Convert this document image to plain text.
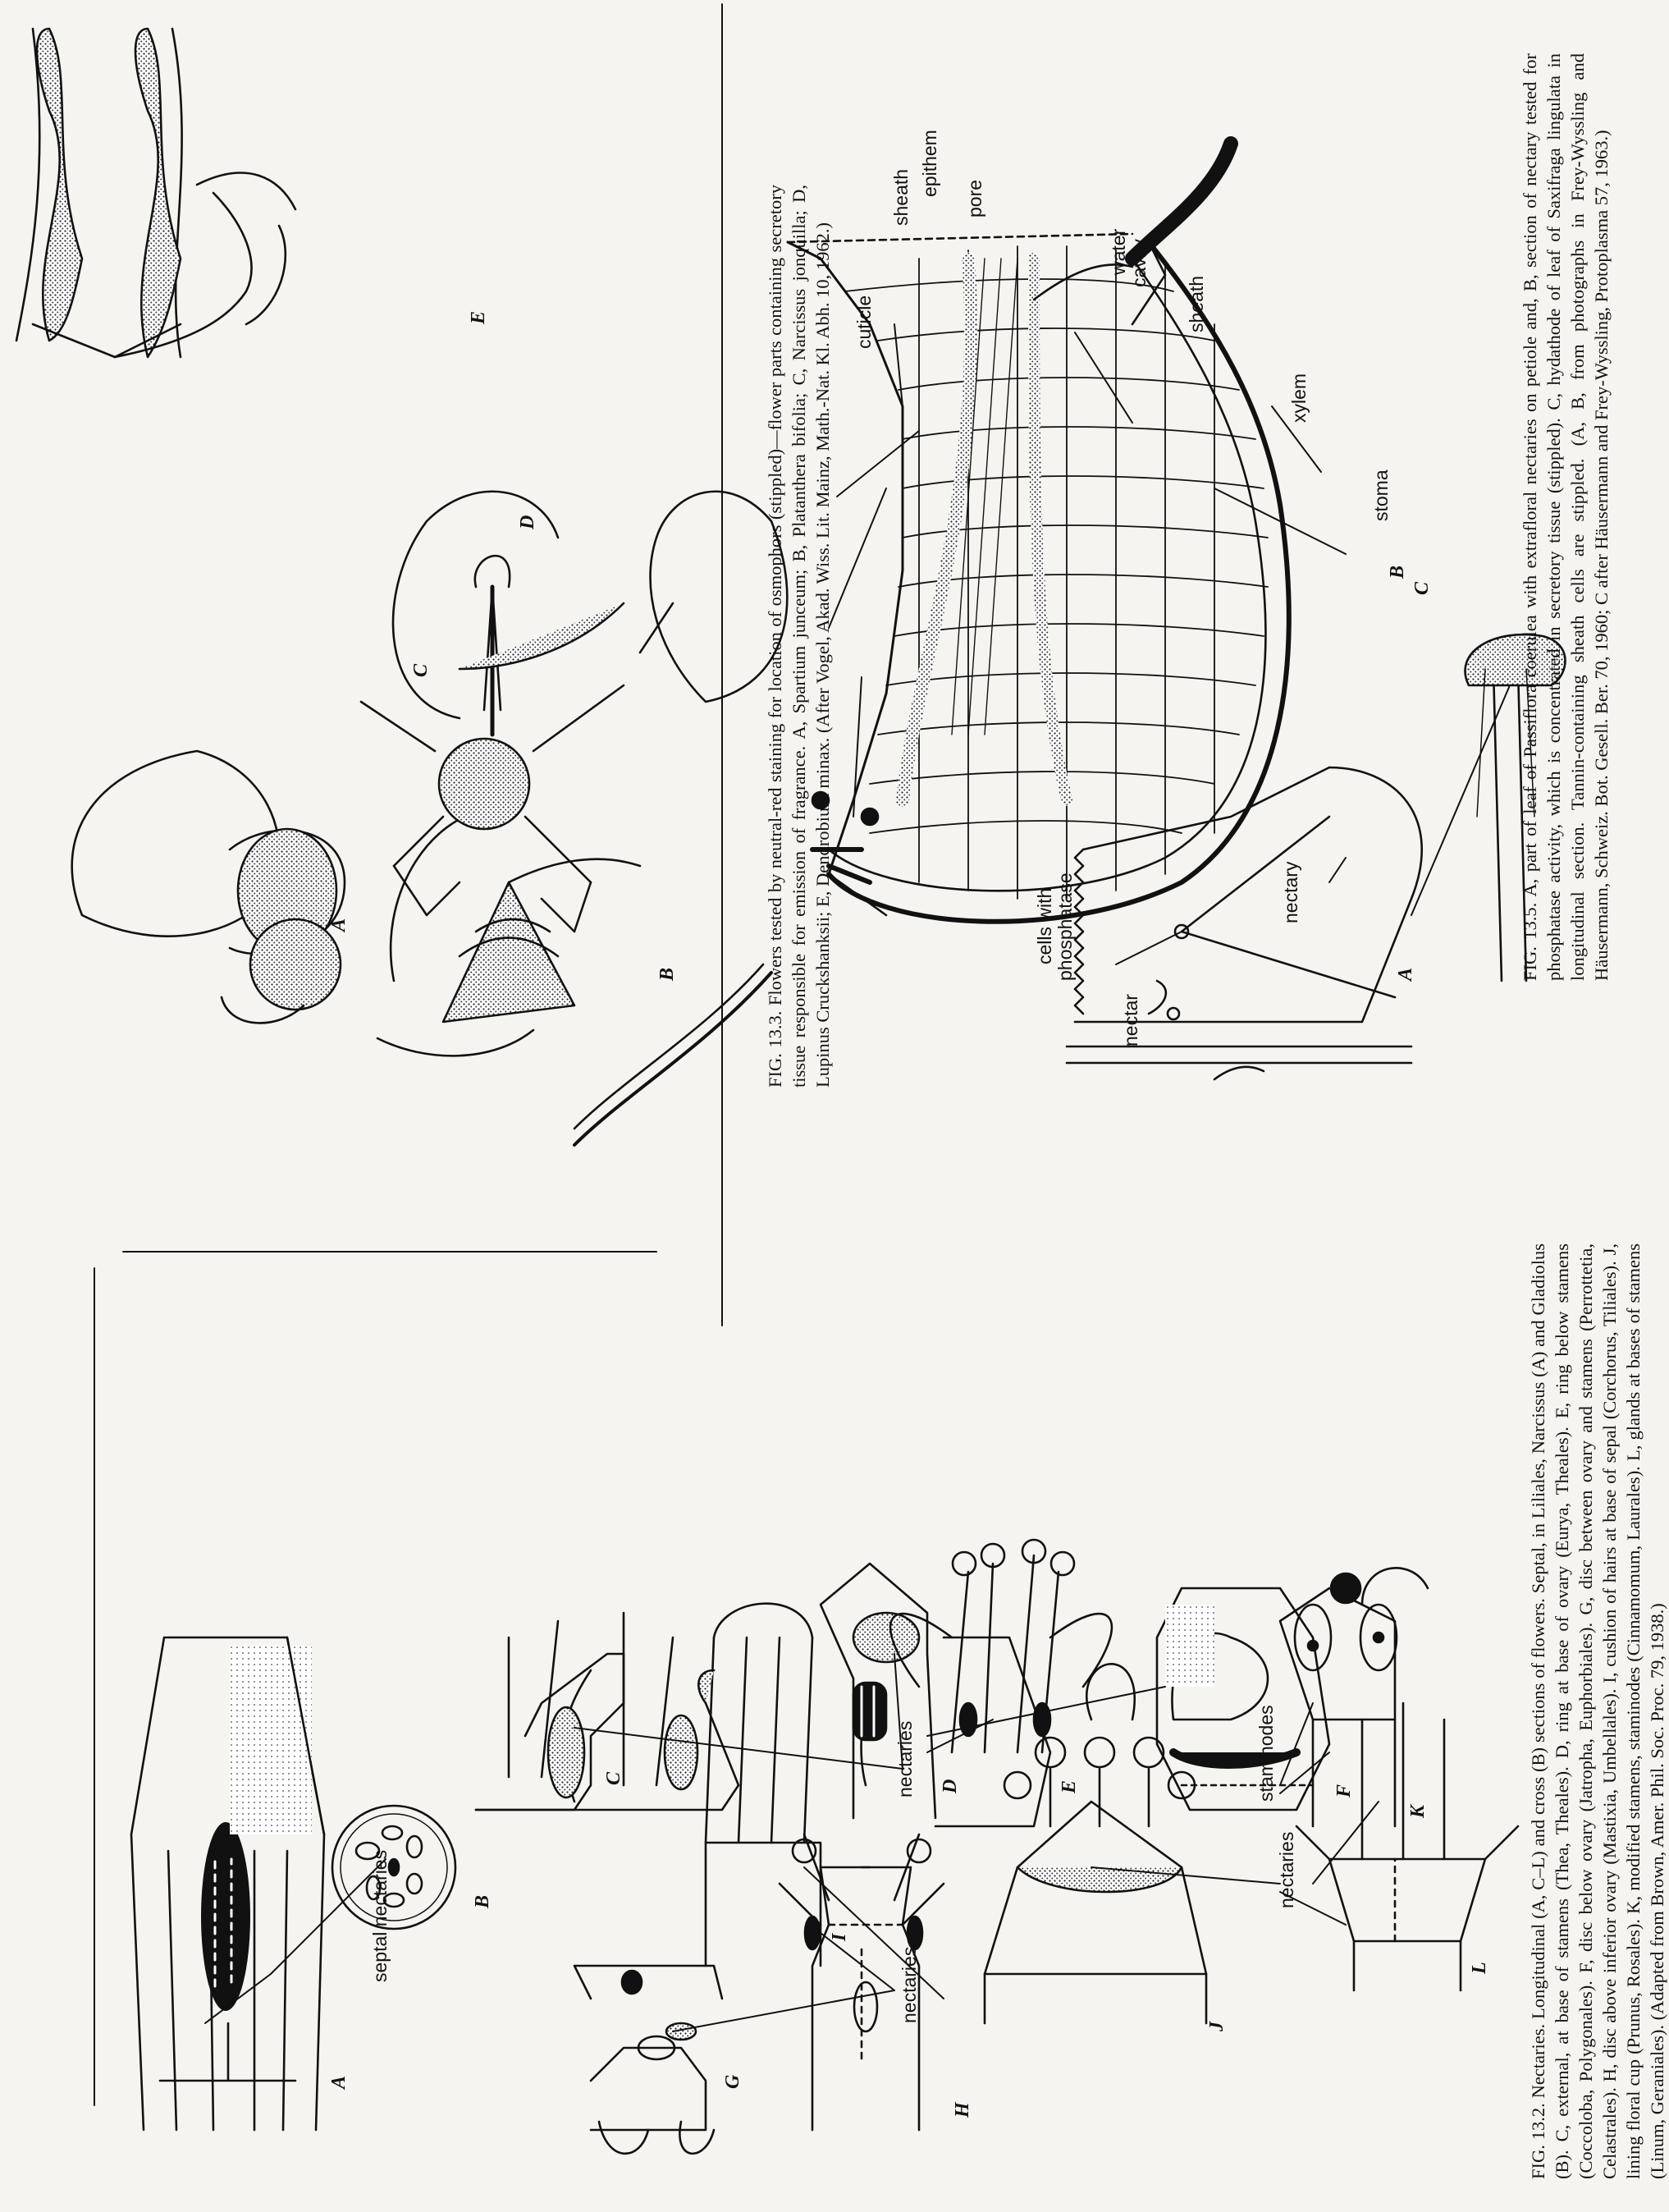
A
B
C
D	E	F
G
H
I
J
K
L
septal nectaries
nectaries
nectaries
nectaries
staminodes
A
B
C
D
E
A
B
C
nectar
cells with phosphatase	nectary
cuticle
sheath
epithem
pore
water cavity
sheath
xylem
stoma
FIG. 13.2. Nectaries. Longitudinal (A, C–L) and cross (B) sections of flowers. Septal, in Liliales, Narcissus (A) and Gladiolus (B). C, external, at base of stamens (Thea, Theales). D, ring at base of ovary (Eurya, Theales). E, ring below stamens (Coccoloba, Polygonales). F, disc below ovary (Jatropha, Euphorbiales). G, disc between ovary and stamens (Perrottetia, Celastrales). H, disc above inferior ovary (Mastixia, Umbellales). I, cushion of hairs at base of sepal (Corchorus, Tiliales). J, lining floral cup (Prunus, Rosales). K, modified stamens, staminodes (Cinnamomum, Laurales). L, glands at bases of stamens (Linum, Geraniales). (Adapted from Brown, Amer. Phil. Soc. Proc. 79, 1938.)
FIG. 13.3. Flowers tested by neutral-red staining for location of osmophors (stippled)—flower parts containing secretory tissue responsible for emission of fragrance. A, Spartium junceum; B, Platanthera bifolia; C, Narcissus jonquilla; D, Lupinus Cruckshanksii; E, Dendrobium minax. (After Vogel, Akad. Wiss. Lit. Mainz, Math.-Nat. Kl. Abh. 10, 1962.)	FIG. 13.5. A, part of leaf of Passiflora coerulea with extrafloral nectaries on petiole and, B, section of nectary tested for phosphatase activity, which is concentrated in secretory tissue (stippled). C, hydathode of leaf of Saxifraga lingulata in longitudinal section. Tannin-containing sheath cells are stippled. (A, B, from photographs in Frey-Wyssling and Häusermann, Schweiz. Bot. Gesell. Ber. 70, 1960; C after Häusermann and Frey-Wyssling, Protoplasma 57, 1963.)
